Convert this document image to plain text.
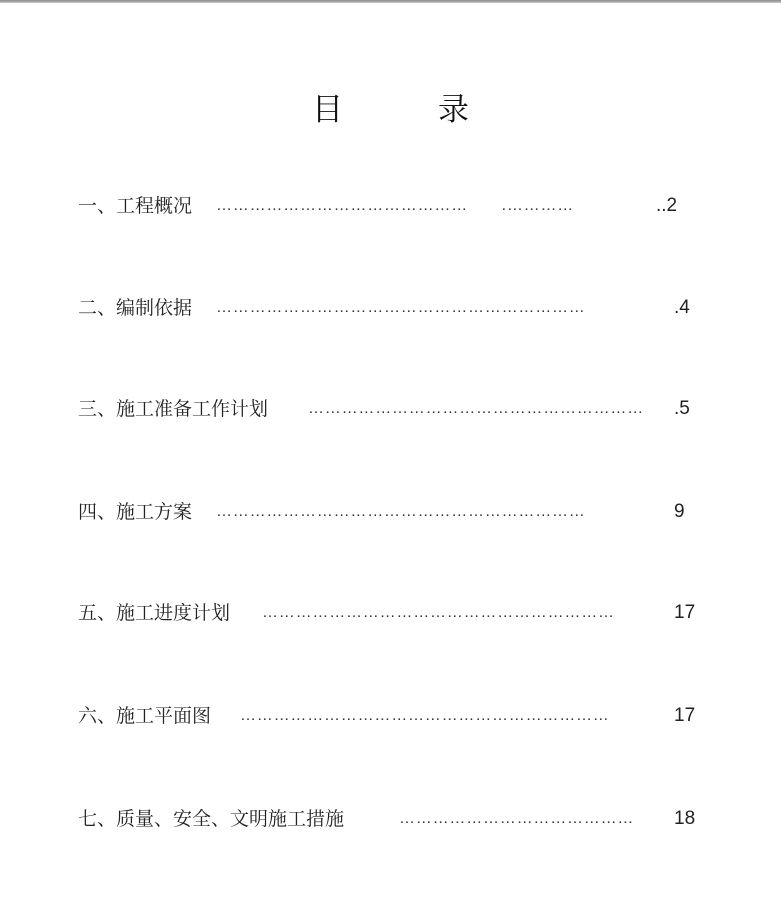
目　录
一、工程概况 ………………………………………　　.…………	..2
二、编制依据 …………………………………………………………	.4
三、施工准备工作计划 …………………………………………………… .5
四、施工方案 …………………………………………………………	9
五、施工进度计划 ………………………………………………………	17
六、施工平面图 …………………………………………………………	17
七、质量、安全、文明施工措施	……………………………………	18
